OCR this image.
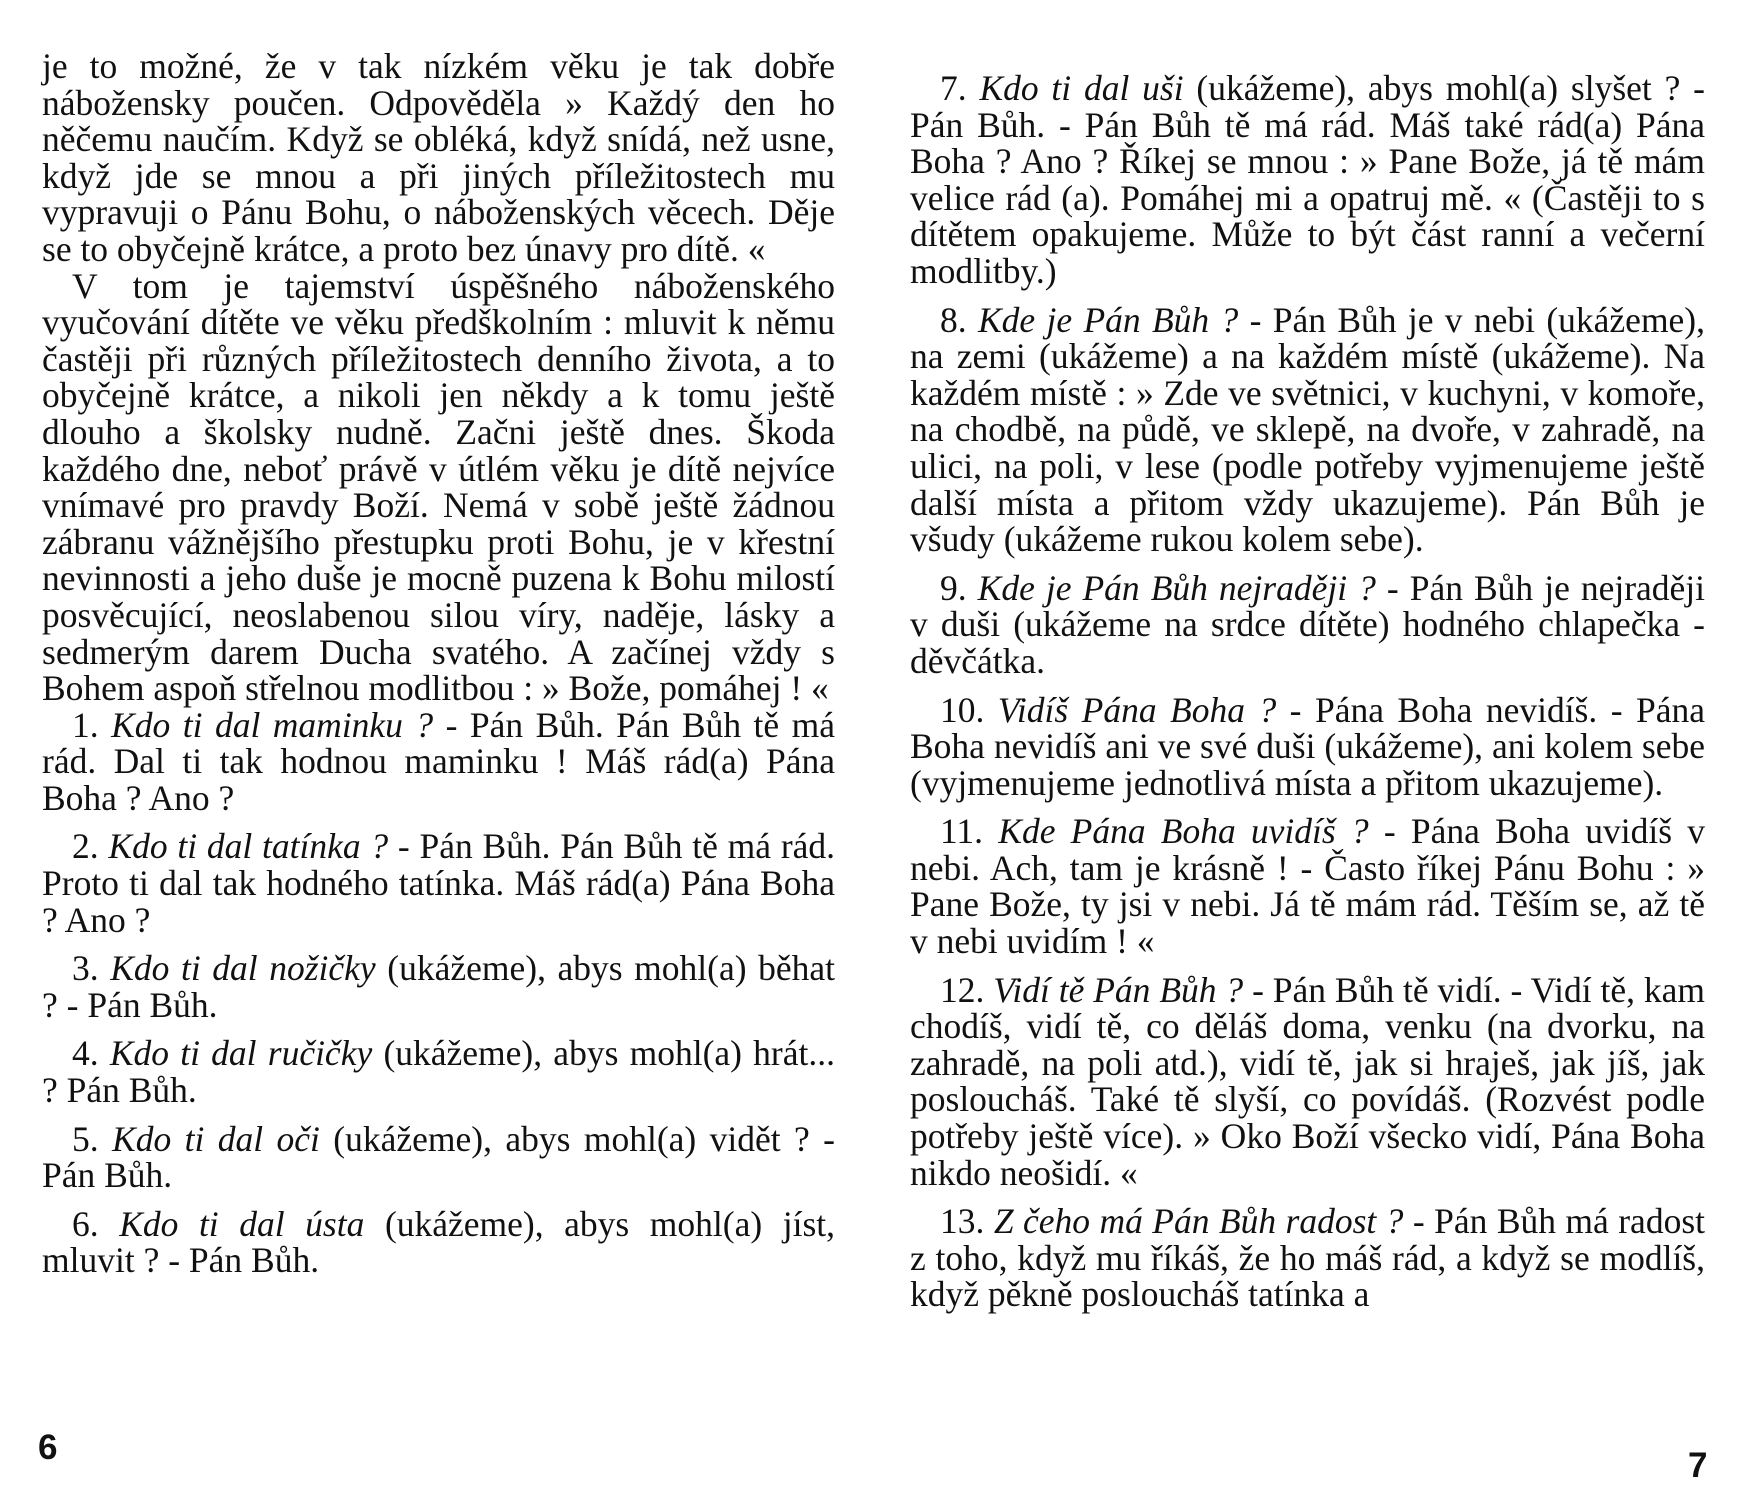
je to možné, že v tak nízkém věku je tak dobře nábožensky poučen. Odpověděla » Každý den ho něčemu naučím. Když se obléká, když snídá, než usne, když jde se mnou a při jiných příležitostech mu vypravuji o Pánu Bohu, o náboženských věcech. Děje se to obyčejně krátce, a proto bez únavy pro dítě. «

V tom je tajemství úspěšného náboženského vyučování dítěte ve věku předškolním : mluvit k němu častěji při různých příležitostech denního života, a to obyčejně krátce, a nikoli jen někdy a k tomu ještě dlouho a školsky nudně. Začni ještě dnes. Škoda každého dne, neboť právě v útlém věku je dítě nejvíce vnímavé pro pravdy Boží. Nemá v sobě ještě žádnou zábranu vážnějšího přestupku proti Bohu, je v křestní nevinnosti a jeho duše je mocně puzena k Bohu milostí posvěcující, neoslabenou silou víry, naděje, lásky a sedmerým darem Ducha svatého. A začínej vždy s Bohem aspoň střelnou modlitbou : » Bože, pomáhej ! «

1. Kdo ti dal maminku ? - Pán Bůh. Pán Bůh tě má rád. Dal ti tak hodnou maminku ! Máš rád(a) Pána Boha ? Ano ?

2. Kdo ti dal tatínka ? - Pán Bůh. Pán Bůh tě má rád. Proto ti dal tak hodného tatínka. Máš rád(a) Pána Boha ? Ano ?

3. Kdo ti dal nožičky (ukážeme), abys mohl(a) běhat ? - Pán Bůh.

4. Kdo ti dal ručičky (ukážeme), abys mohl(a) hrát... ? Pán Bůh.

5. Kdo ti dal oči (ukážeme), abys mohl(a) vidět ? - Pán Bůh.

6. Kdo ti dal ústa (ukážeme), abys mohl(a) jíst, mluvit ? - Pán Bůh.

6

7. Kdo ti dal uši (ukážeme), abys mohl(a) slyšet ? - Pán Bůh. - Pán Bůh tě má rád. Máš také rád(a) Pána Boha ? Ano ? Říkej se mnou : » Pane Bože, já tě mám velice rád (a). Pomáhej mi a opatruj mě. « (Častěji to s dítětem opakujeme. Může to být část ranní a večerní modlitby.)

8. Kde je Pán Bůh ? - Pán Bůh je v nebi (ukážeme), na zemi (ukážeme) a na každém místě (ukážeme). Na každém místě : » Zde ve světnici, v kuchyni, v komoře, na chodbě, na půdě, ve sklepě, na dvoře, v zahradě, na ulici, na poli, v lese (podle potřeby vyjmenujeme ještě další místa a přitom vždy ukazujeme). Pán Bůh je všudy (ukážeme rukou kolem sebe).

9. Kde je Pán Bůh nejraději ? - Pán Bůh je nejraději v duši (ukážeme na srdce dítěte) hodného chlapečka - děvčátka.

10. Vidíš Pána Boha ? - Pána Boha nevidíš. - Pána Boha nevidíš ani ve své duši (ukážeme), ani kolem sebe (vyjmenujeme jednotlivá místa a přitom ukazujeme).

11. Kde Pána Boha uvidíš ? - Pána Boha uvidíš v nebi. Ach, tam je krásně ! - Často říkej Pánu Bohu : » Pane Bože, ty jsi v nebi. Já tě mám rád. Těším se, až tě v nebi uvidím ! «

12. Vidí tě Pán Bůh ? - Pán Bůh tě vidí. - Vidí tě, kam chodíš, vidí tě, co děláš doma, venku (na dvorku, na zahradě, na poli atd.), vidí tě, jak si hraješ, jak jíš, jak posloucháš. Také tě slyší, co povídáš. (Rozvést podle potřeby ještě více). » Oko Boží všecko vidí, Pána Boha nikdo neošidí. «

13. Z čeho má Pán Bůh radost ? - Pán Bůh má radost z toho, když mu říkáš, že ho máš rád, a když se modlíš, když pěkně posloucháš tatínka a

7
